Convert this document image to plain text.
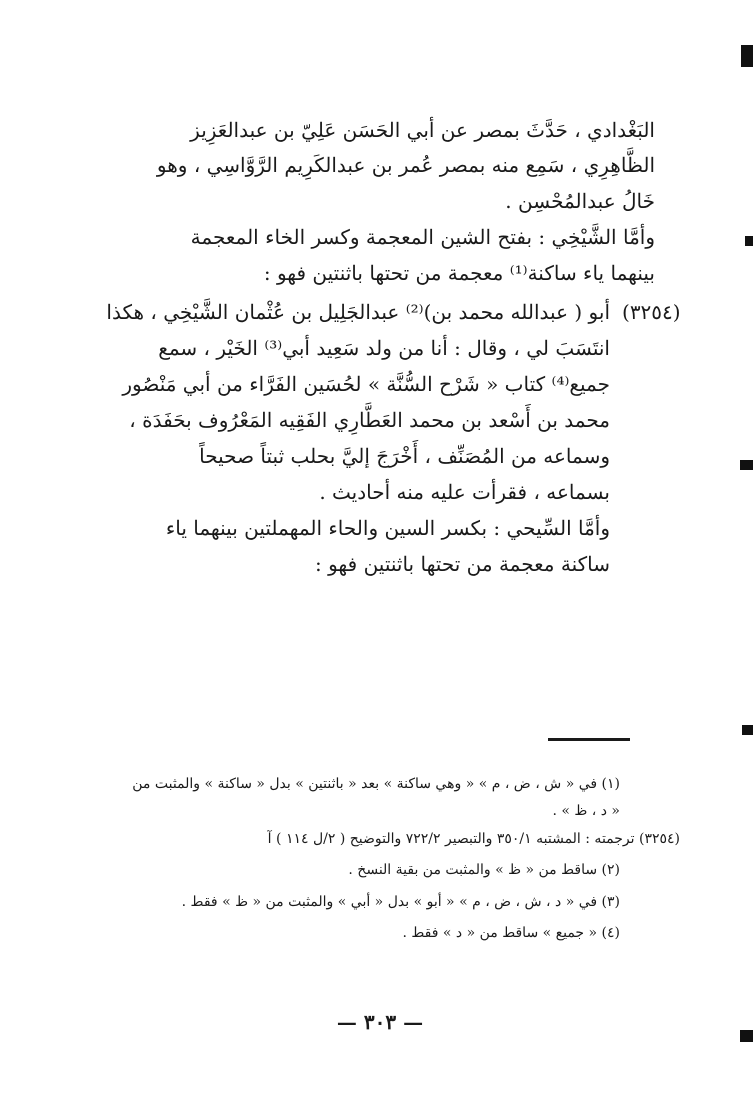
البَغْدادي ، حَدَّثَ بمصر عن أبي الحَسَن عَلِيّ بن عبدالعَزِيز
الظَّاهِرِي ، سَمِع منه بمصر عُمر بن عبدالكَرِيم الرَّوَّاسِي ، وهو
خَالُ عبدالمُحْسِن .
وأمَّا الشَّيْخِي : بفتح الشين المعجمة وكسر الخاء المعجمة
بينهما ياء ساكنة⁽¹⁾ معجمة من تحتها باثنتين فهو :
(٣٢٥٤)
أبو ( عبدالله محمد بن)⁽²⁾ عبدالجَلِيل بن عُثْمان الشَّيْخِي ، هكذا
انتَسَبَ لي ، وقال : أنا من ولد سَعِيد أبي⁽³⁾ الخَيْر ، سمع
جميع⁽⁴⁾ كتاب « شَرْح السُّنَّة » لحُسَين الفَرَّاء من أبي مَنْصُور
محمد بن أَسْعد بن محمد العَطَّارِي الفَقِيه المَعْرُوف بحَفَدَة ،
وسماعه من المُصَنِّف ، أَخْرَجَ إليَّ بحلب ثبتاً صحيحاً
بسماعه ، فقرأت عليه منه أحاديث .
وأمَّا السِّيحي : بكسر السين والحاء المهملتين بينهما ياء
ساكنة معجمة من تحتها باثنتين فهو :
(١) في « ش ، ض ، م » « وهي ساكنة » بعد « باثنتين » بدل « ساكنة » والمثبت من
« د ، ظ » .
(٣٢٥٤) ترجمته : المشتبه ٣٥٠/١ والتبصير ٧٢٢/٢ والتوضيح ( ٢/ل ١١٤ ) آ
(٢) ساقط من « ظ » والمثبت من بقية النسخ .
(٣) في « د ، ش ، ض ، م » « أبو » بدل « أبي » والمثبت من « ظ » فقط .
(٤) « جميع » ساقط من « د » فقط .
— ٣٠٣ —
